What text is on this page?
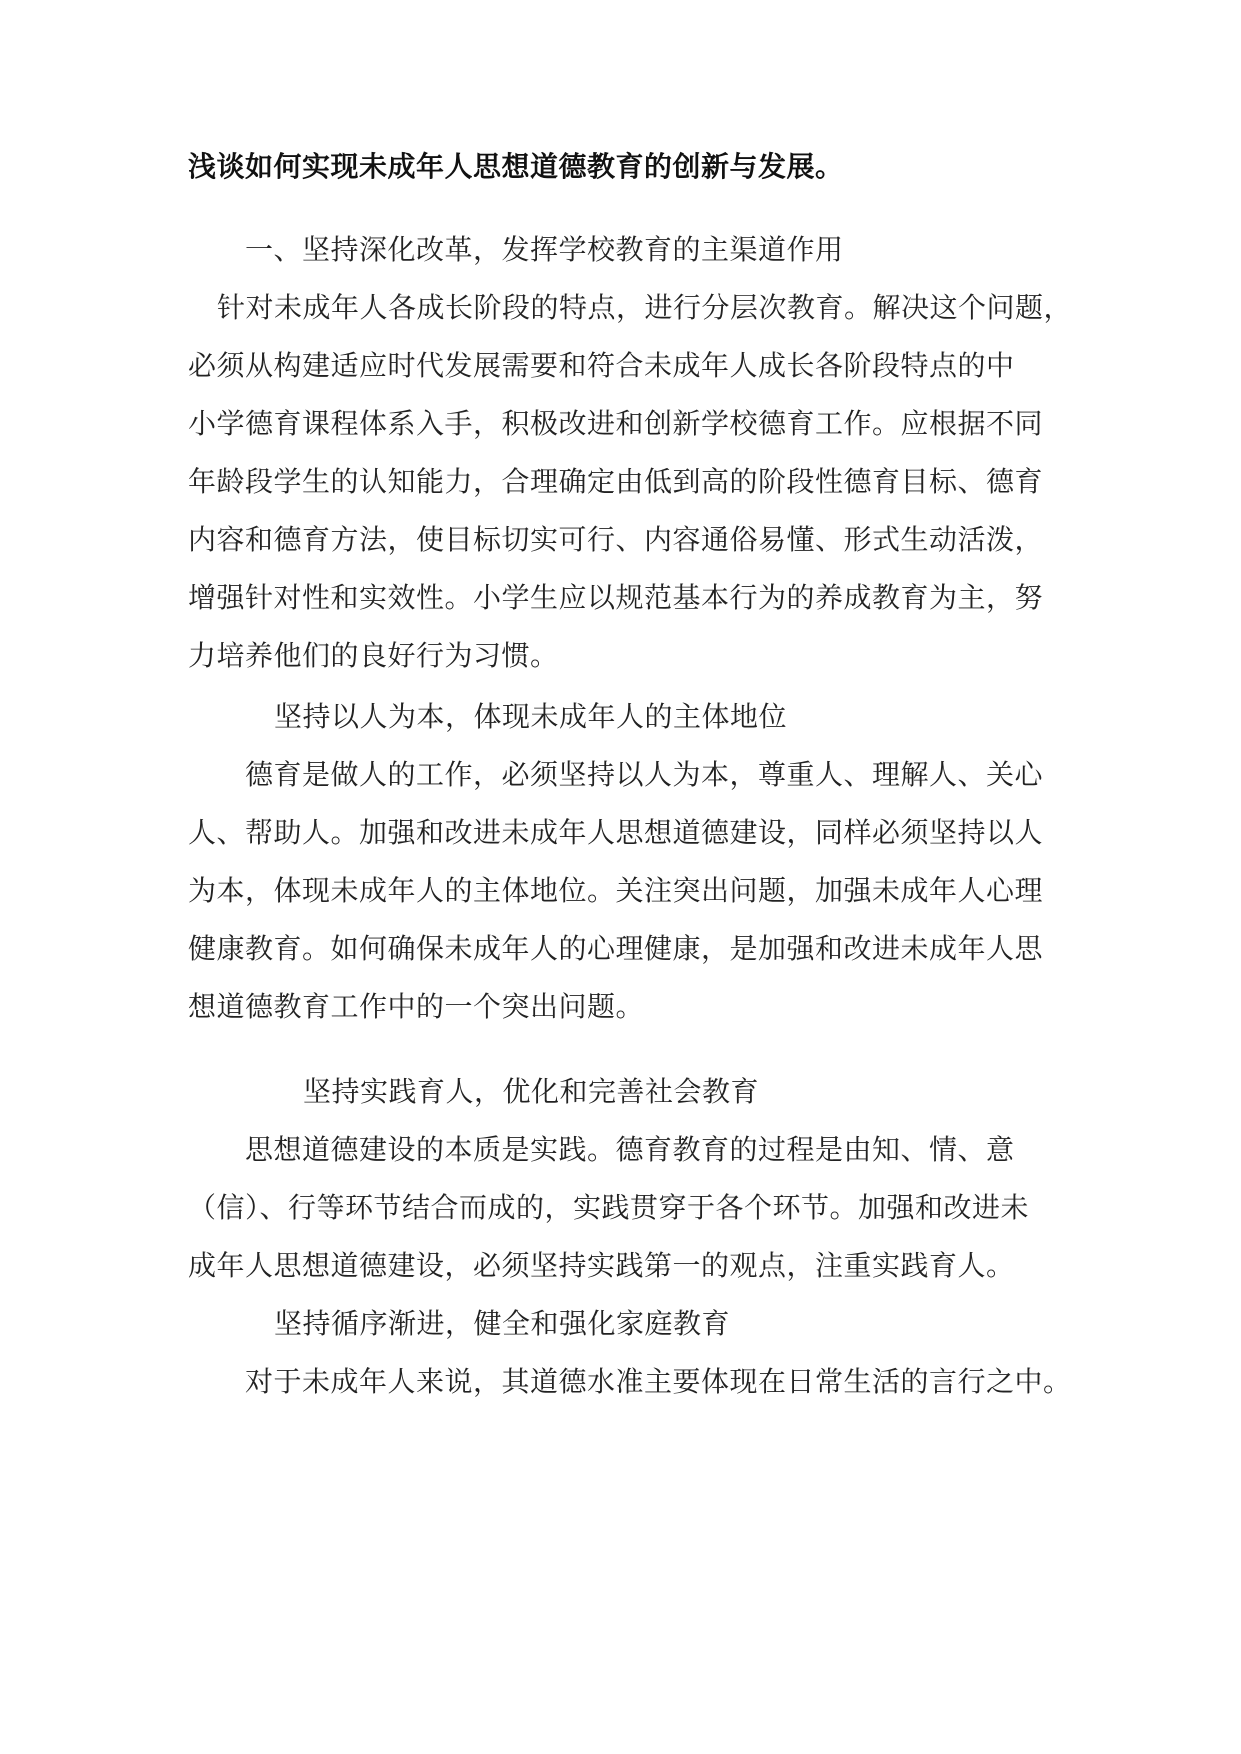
浅谈如何实现未成年人思想道德教育的创新与发展。
一、坚持深化改革，发挥学校教育的主渠道作用
针对未成年人各成长阶段的特点，进行分层次教育。解决这个问题，
必须从构建适应时代发展需要和符合未成年人成长各阶段特点的中
小学德育课程体系入手，积极改进和创新学校德育工作。应根据不同
年龄段学生的认知能力，合理确定由低到高的阶段性德育目标、德育
内容和德育方法，使目标切实可行、内容通俗易懂、形式生动活泼，
增强针对性和实效性。小学生应以规范基本行为的养成教育为主，努
力培养他们的良好行为习惯。
坚持以人为本，体现未成年人的主体地位
德育是做人的工作，必须坚持以人为本，尊重人、理解人、关心
人、帮助人。加强和改进未成年人思想道德建设，同样必须坚持以人
为本，体现未成年人的主体地位。关注突出问题，加强未成年人心理
健康教育。如何确保未成年人的心理健康，是加强和改进未成年人思
想道德教育工作中的一个突出问题。
坚持实践育人，优化和完善社会教育
思想道德建设的本质是实践。德育教育的过程是由知、情、意
（信）、行等环节结合而成的，实践贯穿于各个环节。加强和改进未
成年人思想道德建设，必须坚持实践第一的观点，注重实践育人。
坚持循序渐进，健全和强化家庭教育
对于未成年人来说，其道德水准主要体现在日常生活的言行之中。
